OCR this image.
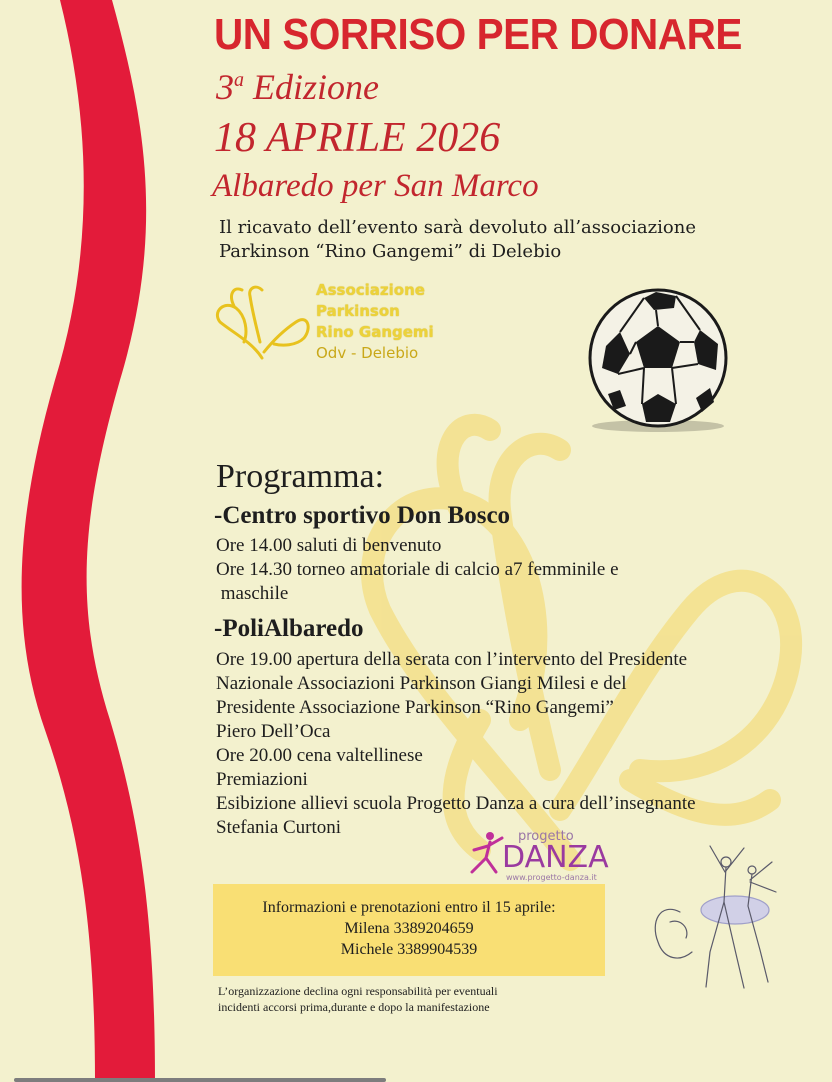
UN SORRISO PER DONARE
3$^a$ Edizione
18 APRILE 2026
Albaredo per San Marco
Il ricavato dell’evento sarà devoluto all’associazione
Parkinson “Rino Gangemi” di Delebio
Associazione
Parkinson
Rino Gangemi
Odv - Delebio
Programma:
-Centro sportivo Don Bosco
Ore 14.00 saluti di benvenuto
Ore 14.30 torneo amatoriale di calcio a7 femminile e
maschile
-PoliAlbaredo
Ore 19.00 apertura della serata con l’intervento del Presidente
Nazionale Associazioni Parkinson Giangi Milesi e del
Presidente Associazione Parkinson “Rino Gangemi”
Piero Dell’Oca
Ore 20.00 cena valtellinese
Premiazioni
Esibizione allievi scuola Progetto Danza a cura dell’insegnante
Stefania Curtoni	progetto
DANZA
www.progetto-danza.it
Informazioni e prenotazioni entro il 15 aprile:
Milena 3389204659
Michele 3389904539
L’organizzazione declina ogni responsabilità per eventuali
incidenti accorsi prima,durante e dopo la manifestazione
